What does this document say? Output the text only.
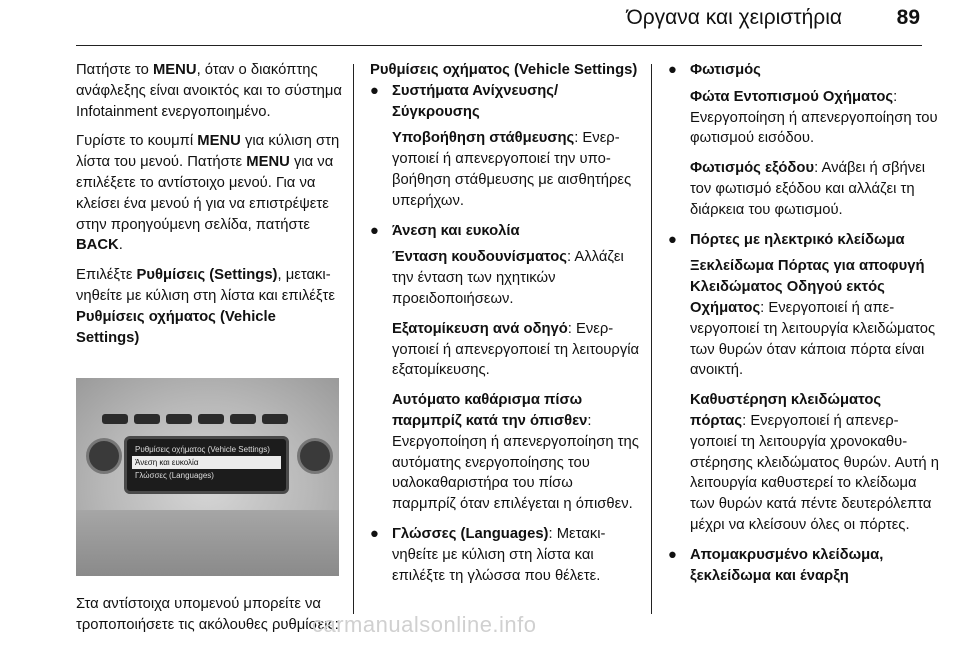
Όργανα και χειριστήρια	89

Πατήστε το MENU, όταν ο διακόπτης ανάφλεξης είναι ανοικτός και το σύστημα Infotainment ενεργοποιημένο.

Γυρίστε το κουμπί MENU για κύλιση στη λίστα του μενού. Πατήστε MENU για να επιλέξετε το αντίστοιχο μενού. Για να κλείσει ένα μενού ή για να επιστρέψετε στην προηγούμενη σελίδα, πατήστε BACK.

Επιλέξτε Ρυθμίσεις (Settings), μετακινηθείτε με κύλιση στη λίστα και επιλέξτε Ρυθμίσεις οχήματος (Vehicle Settings)

Ρυθμίσεις οχήματος (Vehicle Settings)
Άνεση και ευκολία
Γλώσσες (Languages)

Στα αντίστοιχα υπομενού μπορείτε να τροποποιήσετε τις ακόλουθες ρυθμίσεις:

Ρυθμίσεις οχήματος (Vehicle Settings)

● Συστήματα Ανίχνευσης/ Σύγκρουσης

Υποβοήθηση στάθμευσης: Ενεργοποιεί ή απενεργοποιεί την υποβοήθηση στάθμευσης με αισθητήρες υπερήχων.

● Άνεση και ευκολία

Ένταση κουδουνίσματος: Αλλάζει την ένταση των ηχητικών προειδοποιήσεων.

Εξατομίκευση ανά οδηγό: Ενεργοποιεί ή απενεργοποιεί τη λειτουργία εξατομίκευσης.

Αυτόματο καθάρισμα πίσω παρμπρίζ κατά την όπισθεν: Ενεργοποίηση ή απενεργοποίηση της αυτόματης ενεργοποίησης του υαλοκαθαριστήρα του πίσω παρμπρίζ όταν επιλέγεται η όπισθεν.

● Γλώσσες (Languages): Μετακινηθείτε με κύλιση στη λίστα και επιλέξτε τη γλώσσα που θέλετε.

● Φωτισμός

Φώτα Εντοπισμού Οχήματος: Ενεργοποίηση ή απενεργοποίηση του φωτισμού εισόδου.

Φωτισμός εξόδου: Ανάβει ή σβήνει τον φωτισμό εξόδου και αλλάζει τη διάρκεια του φωτισμού.

● Πόρτες με ηλεκτρικό κλείδωμα

Ξεκλείδωμα Πόρτας για αποφυγή Κλειδώματος Οδηγού εκτός Οχήματος: Ενεργοποιεί ή απενεργοποιεί τη λειτουργία κλειδώματος των θυρών όταν κάποια πόρτα είναι ανοικτή.

Καθυστέρηση κλειδώματος πόρτας: Ενεργοποιεί ή απενεργοποιεί τη λειτουργία χρονοκαθυστέρησης κλειδώματος θυρών. Αυτή η λειτουργία καθυστερεί το κλείδωμα των θυρών κατά πέντε δευτερόλεπτα μέχρι να κλείσουν όλες οι πόρτες.

● Απομακρυσμένο κλείδωμα, ξεκλείδωμα και έναρξη

carmanualsonline.info
